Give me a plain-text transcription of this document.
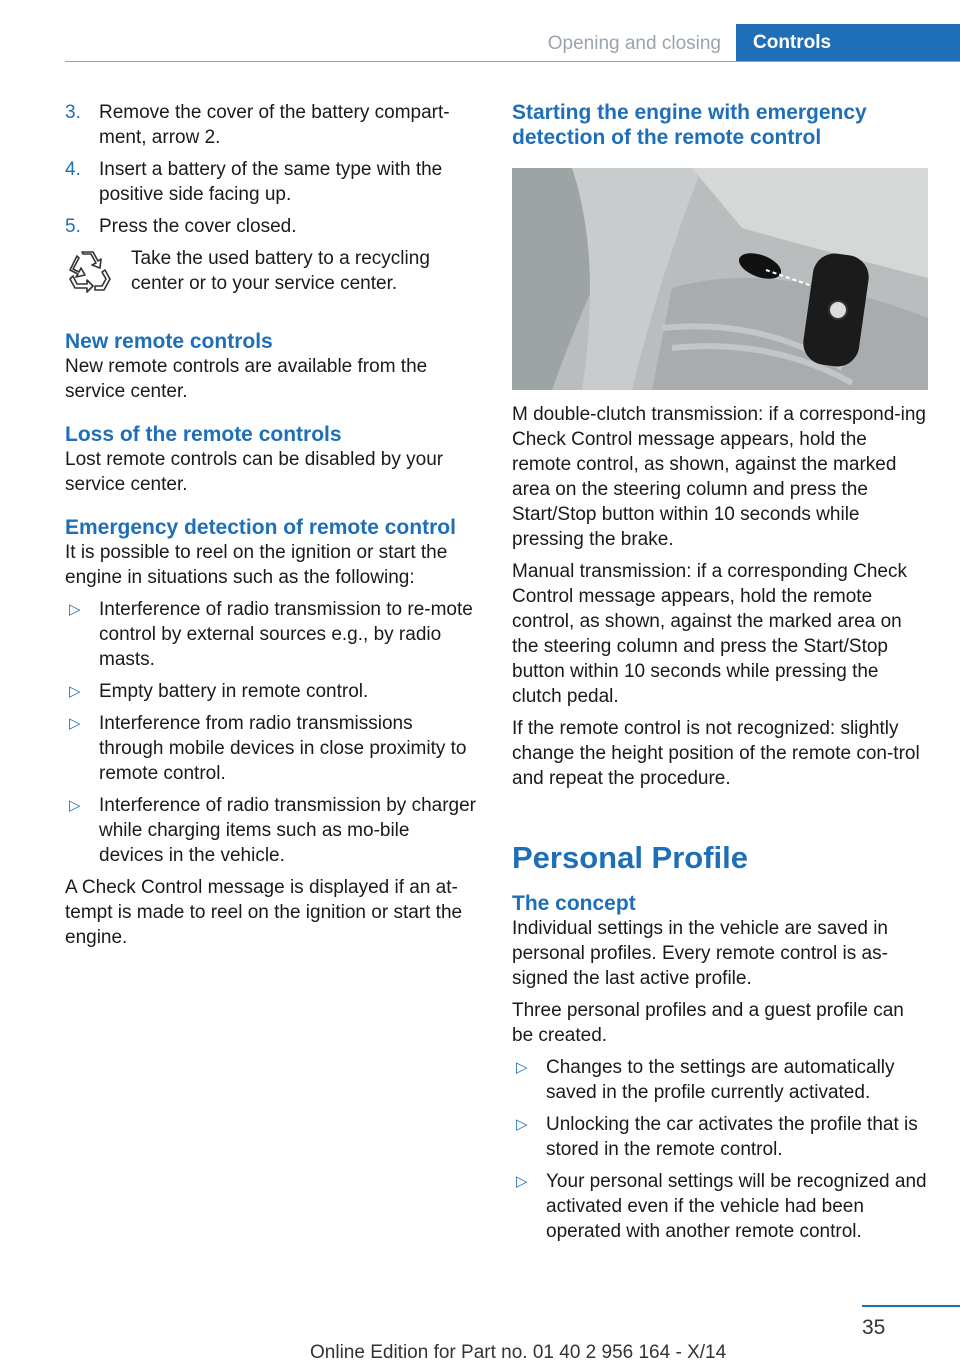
Opening and closing	Controls
3. Remove the cover of the battery compart-ment, arrow 2.
4. Insert a battery of the same type with the positive side facing up.
5. Press the cover closed.
Take the used battery to a recycling center or to your service center.
New remote controls

New remote controls are available from the service center.

Loss of the remote controls

Lost remote controls can be disabled by your service center.

Emergency detection of remote control

It is possible to reel on the ignition or start the engine in situations such as the following:

▷ Interference of radio transmission to re-mote control by external sources e.g., by radio masts.
▷ Empty battery in remote control.
▷ Interference from radio transmissions through mobile devices in close proximity to remote control.
▷ Interference of radio transmission by charger while charging items such as mo-bile devices in the vehicle.

A Check Control message is displayed if an at-tempt is made to reel on the ignition or start the engine.

Starting the engine with emergency detection of the remote control

M double-clutch transmission: if a correspond-ing Check Control message appears, hold the remote control, as shown, against the marked area on the steering column and press the Start/Stop button within 10 seconds while pressing the brake.

Manual transmission: if a corresponding Check Control message appears, hold the remote control, as shown, against the marked area on the steering column and press the Start/Stop button within 10 seconds while pressing the clutch pedal.

If the remote control is not recognized: slightly change the height position of the remote con-trol and repeat the procedure.

Personal Profile
The concept

Individual settings in the vehicle are saved in personal profiles. Every remote control is as-signed the last active profile.

Three personal profiles and a guest profile can be created.

▷ Changes to the settings are automatically saved in the profile currently activated.
▷ Unlocking the car activates the profile that is stored in the remote control.
▷ Your personal settings will be recognized and activated even if the vehicle had been operated with another remote control.
35
Online Edition for Part no. 01 40 2 956 164 - X/14
